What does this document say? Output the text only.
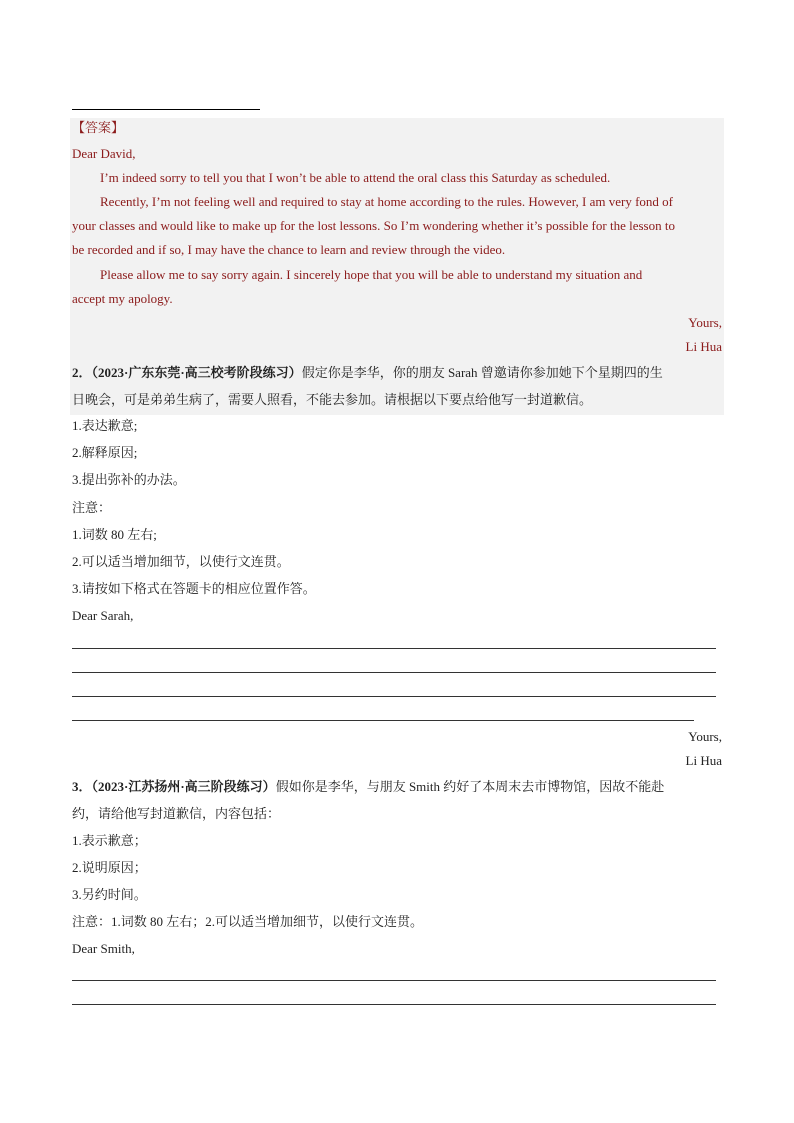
【答案】
Dear David,
I’m indeed sorry to tell you that I won’t be able to attend the oral class this Saturday as scheduled.
Recently, I’m not feeling well and required to stay at home according to the rules. However, I am very fond of
your classes and would like to make up for the lost lessons. So I’m wondering whether it’s possible for the lesson to
be recorded and if so, I may have the chance to learn and review through the video.
Please allow me to say sorry again. I sincerely hope that you will be able to understand my situation and
accept my apology.
Yours,
Li Hua
2．（2023·广东东莞·高三校考阶段练习）假定你是李华，你的朋友 Sarah 曾邀请你参加她下个星期四的生
日晚会，可是弟弟生病了，需要人照看，不能去参加。请根据以下要点给他写一封道歉信。
1.表达歉意;
2.解释原因;
3.提出弥补的办法。
注意：
1.词数 80 左右;
2.可以适当增加细节，以使行文连贯。
3.请按如下格式在答题卡的相应位置作答。
Dear Sarah,
Yours,
Li Hua
3．（2023·江苏扬州·高三阶段练习）假如你是李华，与朋友 Smith 约好了本周末去市博物馆，因故不能赴
约，请给他写封道歉信，内容包括：
1.表示歉意；
2.说明原因；
3.另约时间。
注意：1.词数 80 左右；2.可以适当增加细节，以使行文连贯。
Dear Smith,
